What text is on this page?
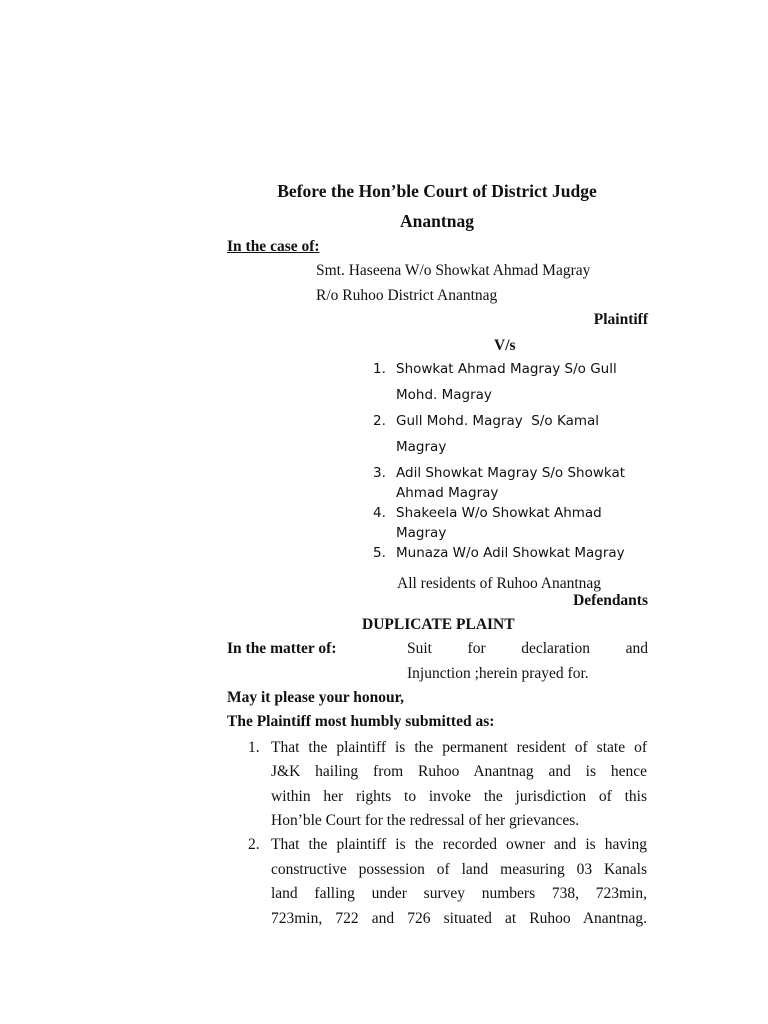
Before the Hon’ble Court of District Judge
Anantnag
In the case of:
Smt. Haseena W/o Showkat Ahmad Magray
R/o Ruhoo District Anantnag
Plaintiff
V/s
1. Showkat Ahmad Magray S/o Gull
Mohd. Magray
2. Gull Mohd. Magray  S/o Kamal
Magray
3. Adil Showkat Magray S/o Showkat
Ahmad Magray
4. Shakeela W/o Showkat Ahmad
Magray
5. Munaza W/o Adil Showkat Magray
All residents of Ruhoo Anantnag
Defendants
DUPLICATE PLAINT
In the matter of:	Suit for declaration and
Injunction ;herein prayed for.
May it please your honour,
The Plaintiff most humbly submitted as:
1. That the plaintiff is the permanent resident of state of
J&K hailing from Ruhoo Anantnag and is hence
within her rights to invoke the jurisdiction of this
Hon’ble Court for the redressal of her grievances.
2. That the plaintiff is the recorded owner and is having
constructive possession of land measuring 03 Kanals
land falling under survey numbers 738, 723min,
723min, 722 and 726 situated at Ruhoo Anantnag.
